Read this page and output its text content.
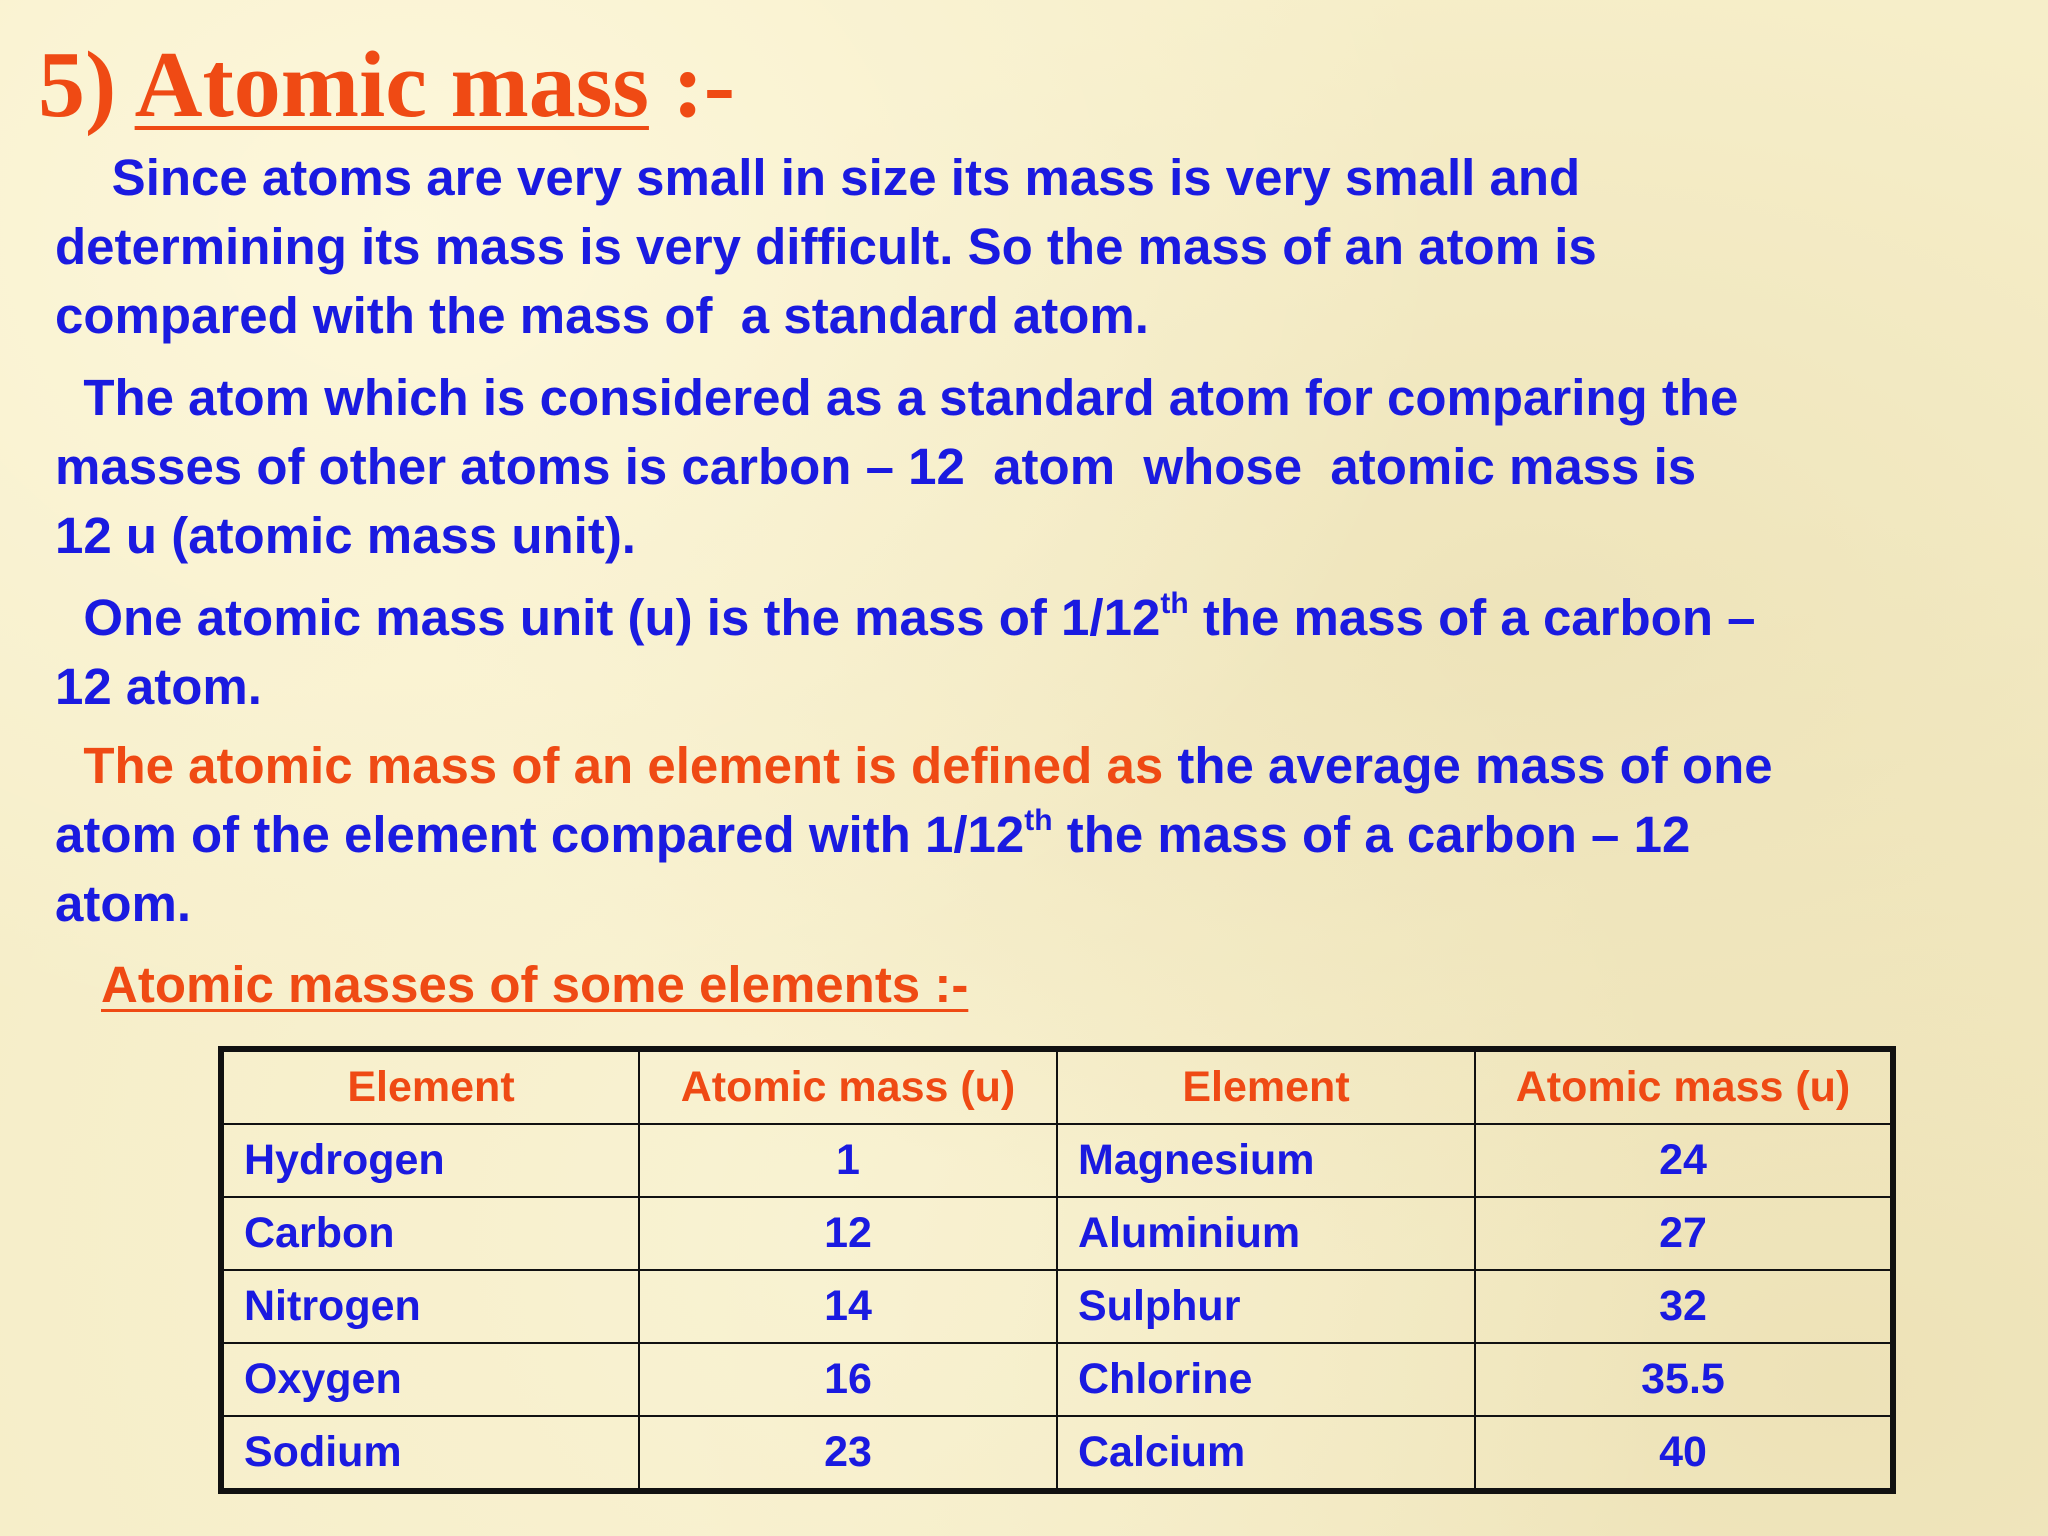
5) Atomic mass :-

Since atoms are very small in size its mass is very small and
determining its mass is very difficult. So the mass of an atom is
compared with the mass of  a standard atom.

The atom which is considered as a standard atom for comparing the
masses of other atoms is carbon – 12  atom  whose  atomic mass is
12 u (atomic mass unit).

One atomic mass unit (u) is the mass of 1/12th the mass of a carbon –
12 atom.

The atomic mass of an element is defined as the average mass of one
atom of the element compared with 1/12th the mass of a carbon – 12
atom.

Atomic masses of some elements :-

Element	Atomic mass (u)	Element	Atomic mass (u)
Hydrogen	1	Magnesium	24
Carbon	12	Aluminium	27
Nitrogen	14	Sulphur	32
Oxygen	16	Chlorine	35.5
Sodium	23	Calcium	40
